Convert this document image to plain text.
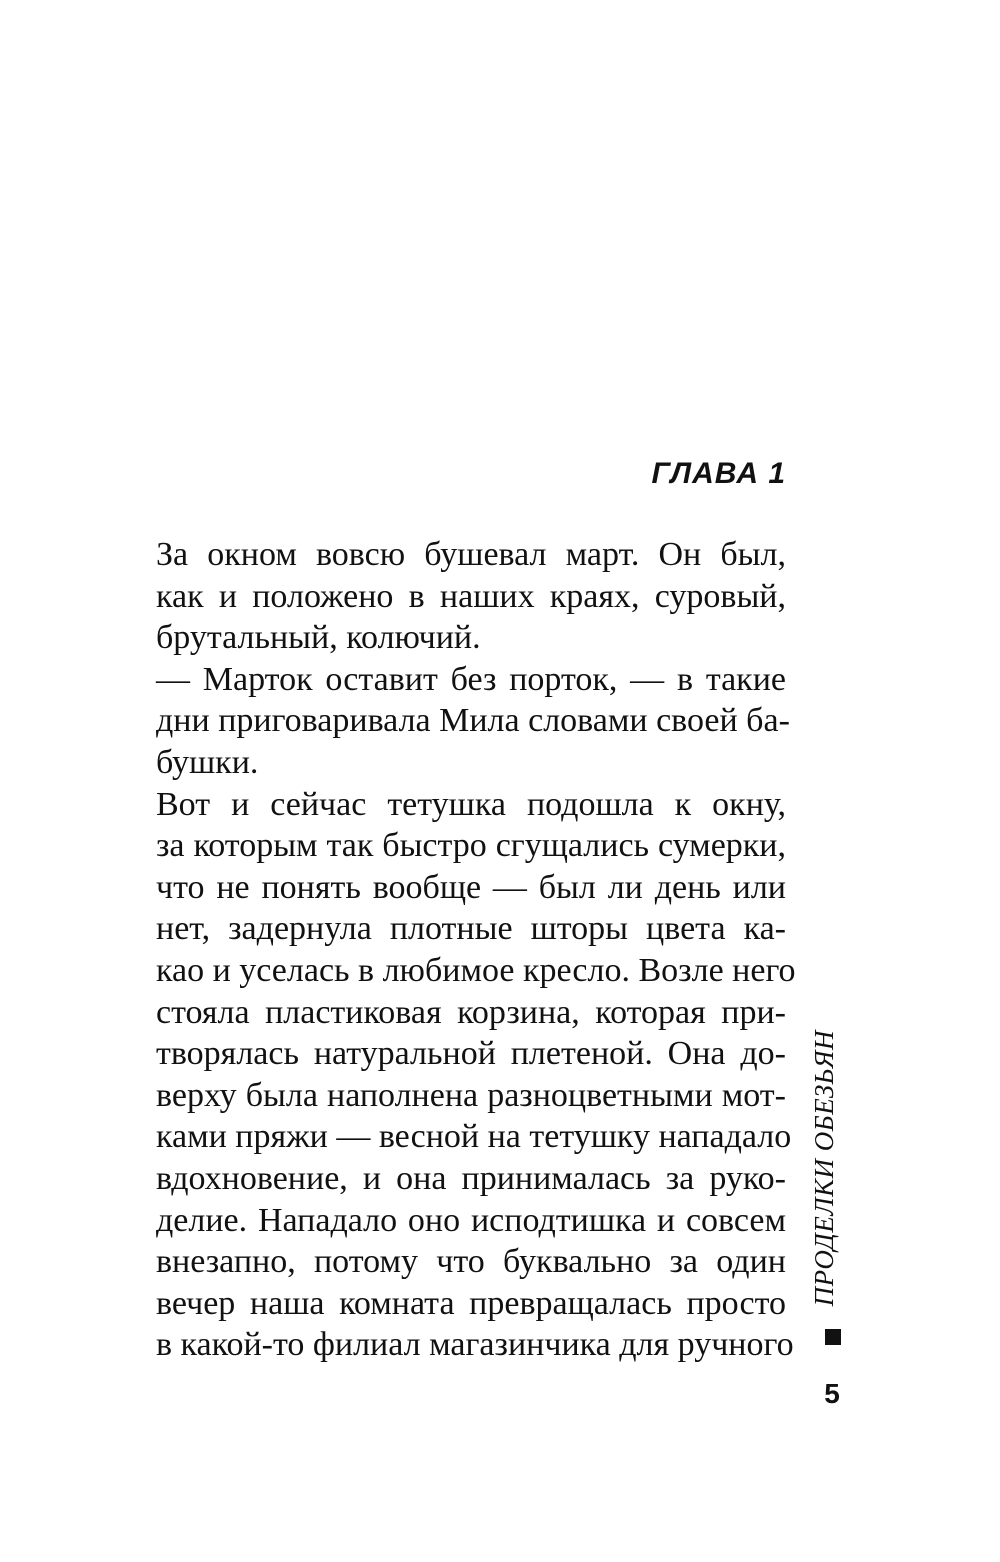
ГЛАВА 1

За окном вовсю бушевал март. Он был,
как и положено в наших краях, суровый,
брутальный, колючий.

— Марток оставит без порток, — в такие
дни приговаривала Мила словами своей ба-
бушки.

Вот и сейчас тетушка подошла к окну,
за которым так быстро сгущались сумерки,
что не понять вообще — был ли день или
нет, задернула плотные шторы цвета ка-
као и уселась в любимое кресло. Возле него
стояла пластиковая корзина, которая при-
творялась натуральной плетеной. Она до-
верху была наполнена разноцветными мот-
ками пряжи — весной на тетушку нападало
вдохновение, и она принималась за руко-
делие. Нападало оно исподтишка и совсем
внезапно, потому что буквально за один
вечер наша комната превращалась просто
в какой-то филиал магазинчика для ручного

ПРОДЕЛКИ ОБЕЗЬЯН
5
